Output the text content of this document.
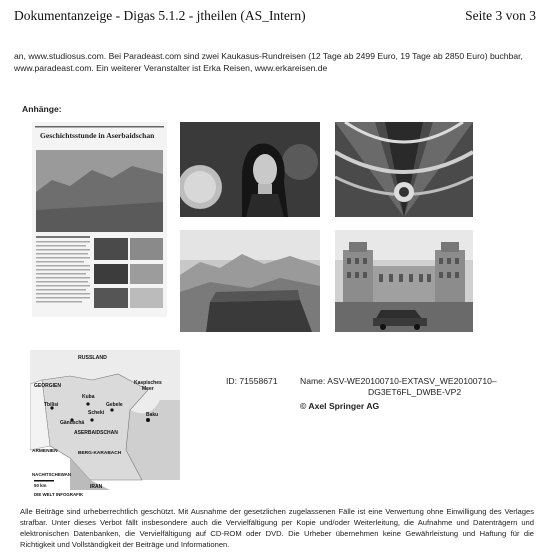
Dokumentanzeige - Digas 5.1.2 - jtheilen (AS_Intern)	Seite 3 von 3
an, www.studiosus.com. Bei Paradeast.com sind zwei Kaukasus-Rundreisen (12 Tage ab 2499 Euro, 19 Tage ab 2850 Euro) buchbar, www.paradeast.com. Ein weiterer Veranstalter ist Erka Reisen, www.erkareisen.de
Anhänge:
Geschichtsstunde in Aserbaidschan
RUSSLAND
GEORGIEN
Kuba
Tbilisi
Scheki
Gebele
Kaspisches
Meer
Gändschä
ASERBAIDSCHAN
Baku
ARMENIEN	BERG-KARABACH
IRAN
NACHITSCHEWAN
50 km
DIE WELT INFOGRAFIK
ID: 71558671	Name: ASV-WE20100710-EXTASV_WE20100710–
DG3ET6FL_DWBE-VP2
© Axel Springer AG
Alle Beiträge sind urheberrechtlich geschützt. Mit Ausnahme der gesetzlichen zugelassenen Fälle ist eine Verwertung ohne Einwilligung des Verlages strafbar. Unter dieses Verbot fällt insbesondere auch die Vervielfältigung per Kopie und/oder Weiterleitung, die Aufnahme und Datenträgern und elektronischen Datenbanken, die Vervielfältigung auf CD-ROM oder DVD. Die Urheber übernehmen keine Gewährleistung und Haftung für die Richtigkeit und Vollständigkeit der Beiträge und Informationen.
